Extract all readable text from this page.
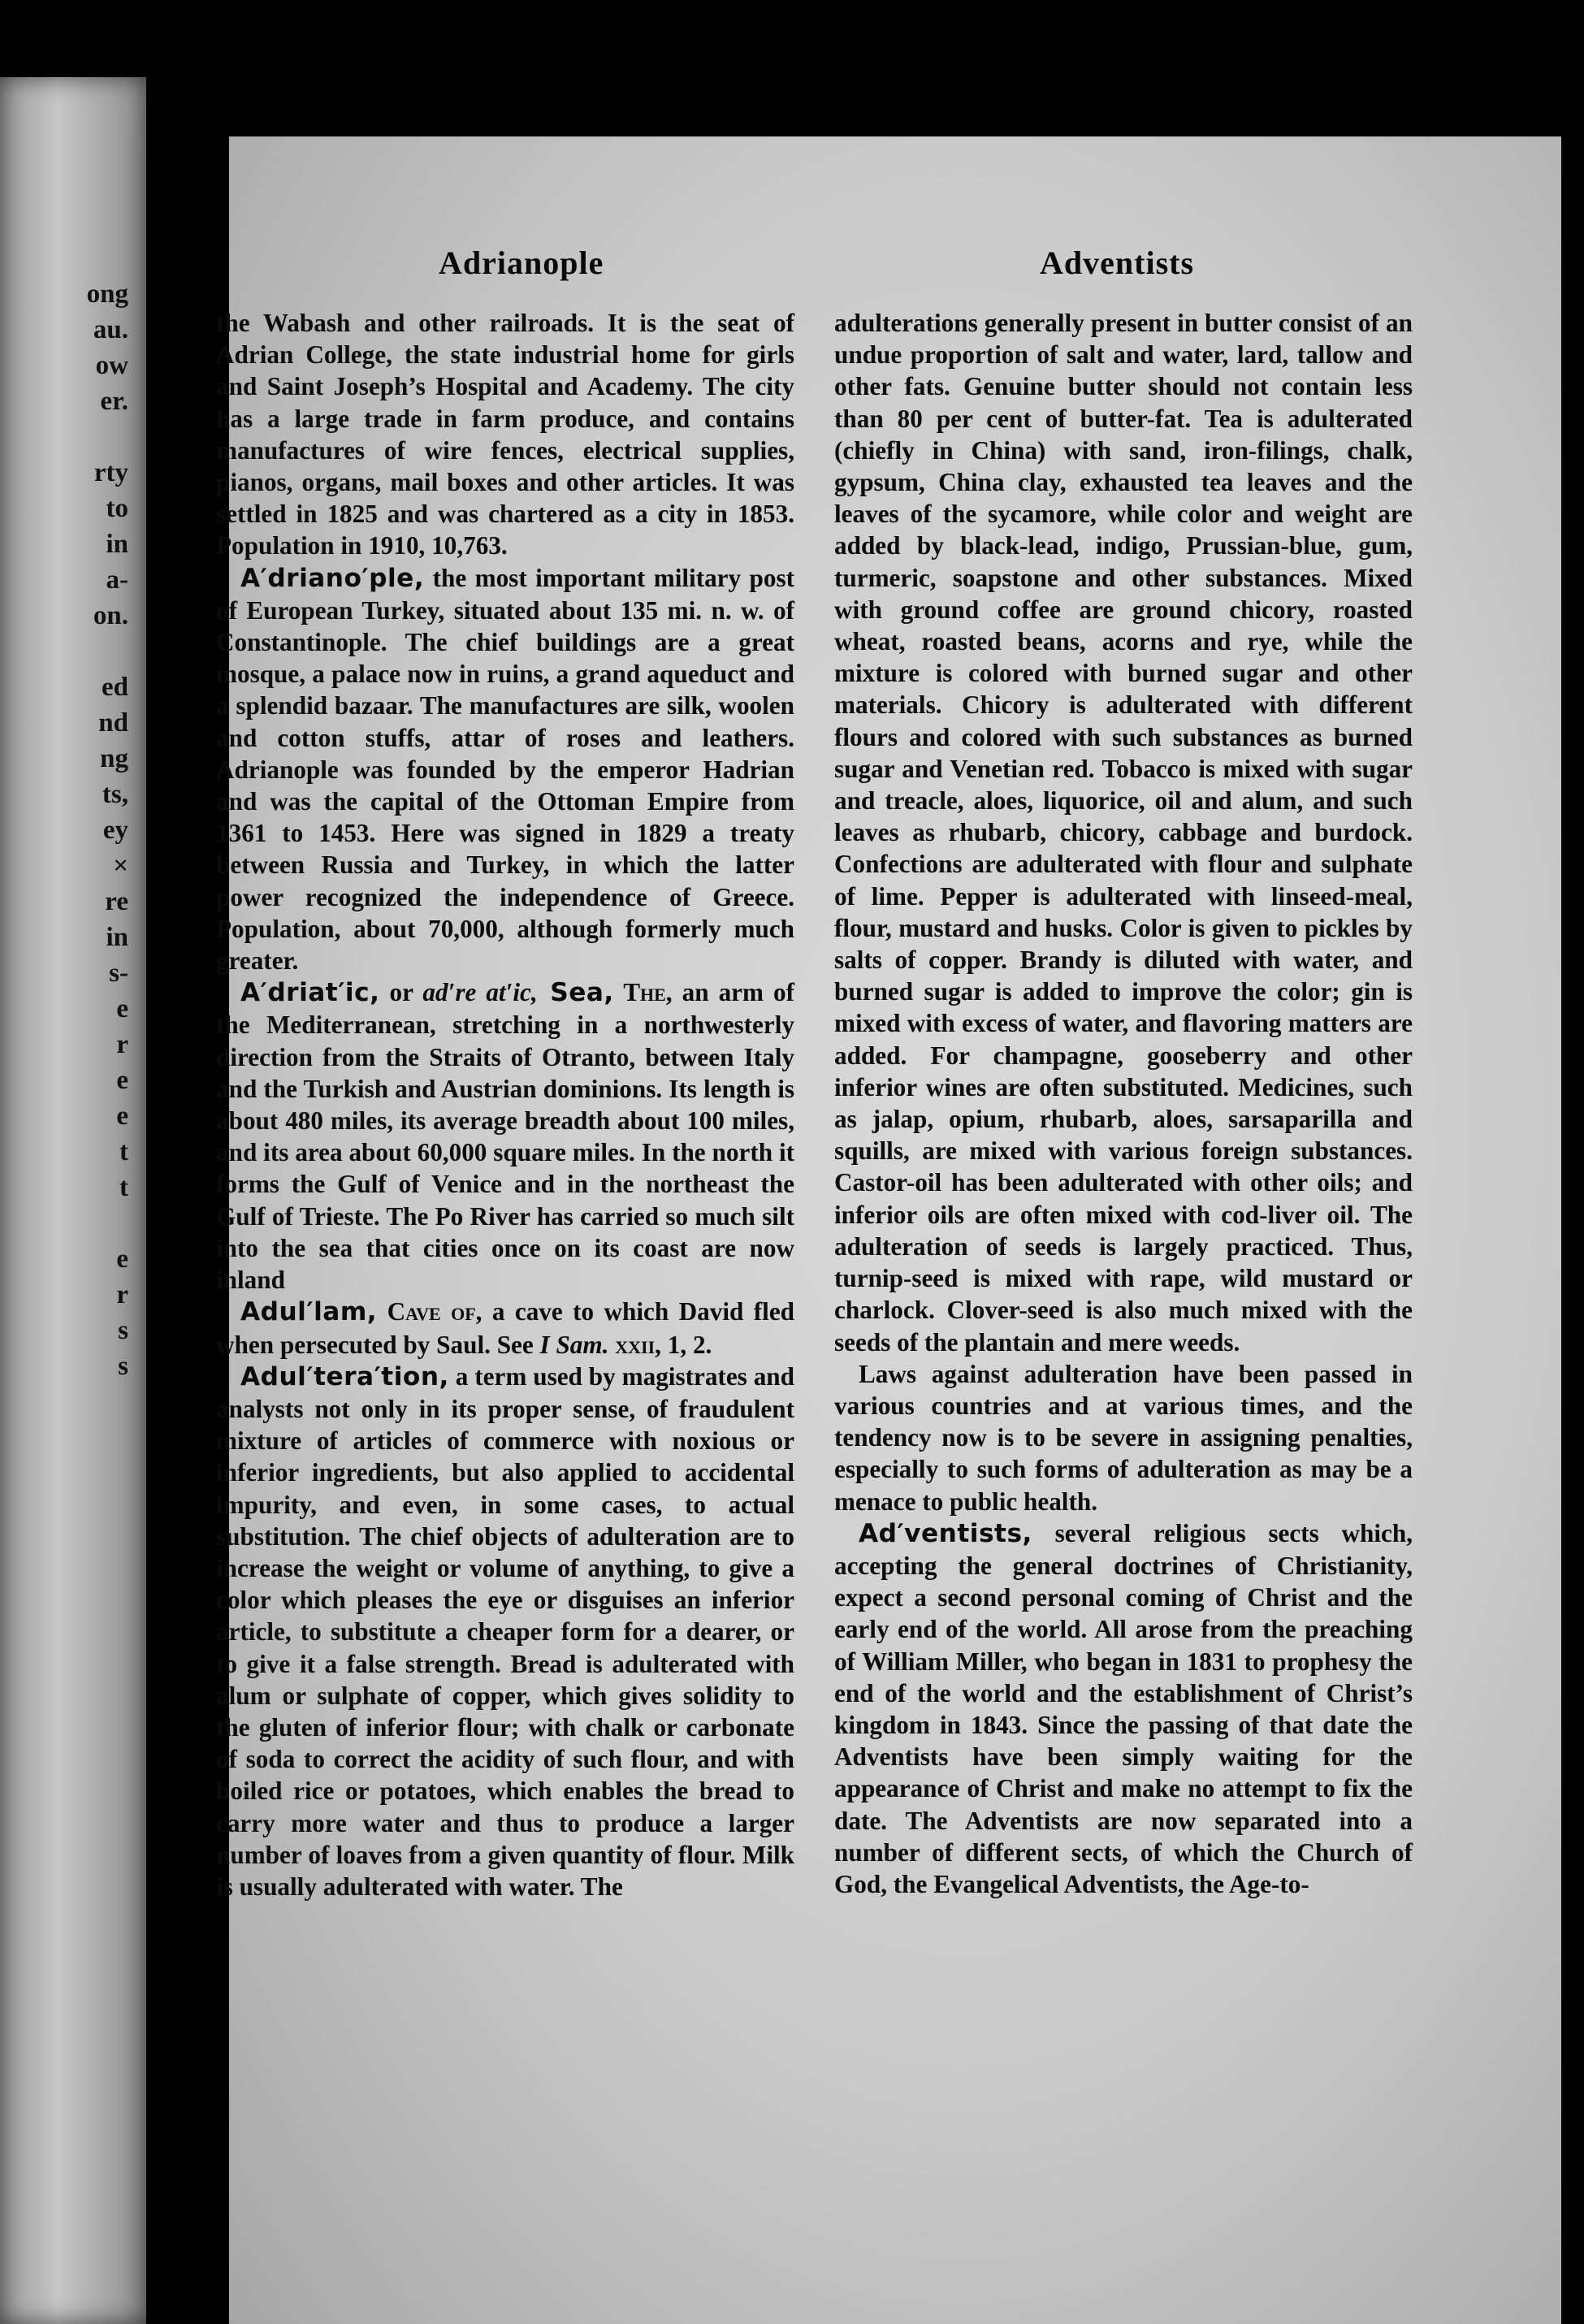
ong
au.
ow
er.

rty
to
in
a-
on.

ed
nd
ng
ts,
ey
×
re
in
s-
e
r
e
e
t
t

e
r
s
s
Adrianople	Adventists

the Wabash and other railroads. It is the seat of Adrian College, the state industrial home for girls and Saint Joseph’s Hospital and Academy. The city has a large trade in farm produce, and contains manufactures of wire fences, electrical supplies, pianos, organs, mail boxes and other articles. It was settled in 1825 and was chartered as a city in 1853. Population in 1910, 10,763.

A′driano′ple, the most important military post of European Turkey, situated about 135 mi. n. w. of Constantinople. The chief buildings are a great mosque, a palace now in ruins, a grand aqueduct and a splendid bazaar. The manufactures are silk, woolen and cotton stuffs, attar of roses and leathers. Adrianople was founded by the emperor Hadrian and was the capital of the Ottoman Empire from 1361 to 1453. Here was signed in 1829 a treaty between Russia and Turkey, in which the latter power recognized the independence of Greece. Population, about 70,000, although formerly much greater.

A′driat′ic, or ad′re at′ic, Sea, The, an arm of the Mediterranean, stretching in a northwesterly direction from the Straits of Otranto, between Italy and the Turkish and Austrian dominions. Its length is about 480 miles, its average breadth about 100 miles, and its area about 60,000 square miles. In the north it forms the Gulf of Venice and in the northeast the Gulf of Trieste. The Po River has carried so much silt into the sea that cities once on its coast are now inland

Adul′lam, Cave of, a cave to which David fled when persecuted by Saul. See I Sam. xxii, 1, 2.

Adul′tera′tion, a term used by magistrates and analysts not only in its proper sense, of fraudulent mixture of articles of commerce with noxious or inferior ingredients, but also applied to accidental impurity, and even, in some cases, to actual substitution. The chief objects of adulteration are to increase the weight or volume of anything, to give a color which pleases the eye or disguises an inferior article, to substitute a cheaper form for a dearer, or to give it a false strength. Bread is adulterated with alum or sulphate of copper, which gives solidity to the gluten of inferior flour; with chalk or carbonate of soda to correct the acidity of such flour, and with boiled rice or potatoes, which enables the bread to carry more water and thus to produce a larger number of loaves from a given quantity of flour. Milk is usually adulterated with water. The

adulterations generally present in butter consist of an undue proportion of salt and water, lard, tallow and other fats. Genuine butter should not contain less than 80 per cent of butter-fat. Tea is adulterated (chiefly in China) with sand, iron-filings, chalk, gypsum, China clay, exhausted tea leaves and the leaves of the sycamore, while color and weight are added by black-lead, indigo, Prussian-blue, gum, turmeric, soapstone and other substances. Mixed with ground coffee are ground chicory, roasted wheat, roasted beans, acorns and rye, while the mixture is colored with burned sugar and other materials. Chicory is adulterated with different flours and colored with such substances as burned sugar and Venetian red. Tobacco is mixed with sugar and treacle, aloes, liquorice, oil and alum, and such leaves as rhubarb, chicory, cabbage and burdock. Confections are adulterated with flour and sulphate of lime. Pepper is adulterated with linseed-meal, flour, mustard and husks. Color is given to pickles by salts of copper. Brandy is diluted with water, and burned sugar is added to improve the color; gin is mixed with excess of water, and flavoring matters are added. For champagne, gooseberry and other inferior wines are often substituted. Medicines, such as jalap, opium, rhubarb, aloes, sarsaparilla and squills, are mixed with various foreign substances. Castor-oil has been adulterated with other oils; and inferior oils are often mixed with cod-liver oil. The adulteration of seeds is largely practiced. Thus, turnip-seed is mixed with rape, wild mustard or charlock. Clover-seed is also much mixed with the seeds of the plantain and mere weeds.

Laws against adulteration have been passed in various countries and at various times, and the tendency now is to be severe in assigning penalties, especially to such forms of adulteration as may be a menace to public health.

Ad′ventists, several religious sects which, accepting the general doctrines of Christianity, expect a second personal coming of Christ and the early end of the world. All arose from the preaching of William Miller, who began in 1831 to prophesy the end of the world and the establishment of Christ’s kingdom in 1843. Since the passing of that date the Adventists have been simply waiting for the appearance of Christ and make no attempt to fix the date. The Adventists are now separated into a number of different sects, of which the Church of God, the Evangelical Adventists, the Age-to-
